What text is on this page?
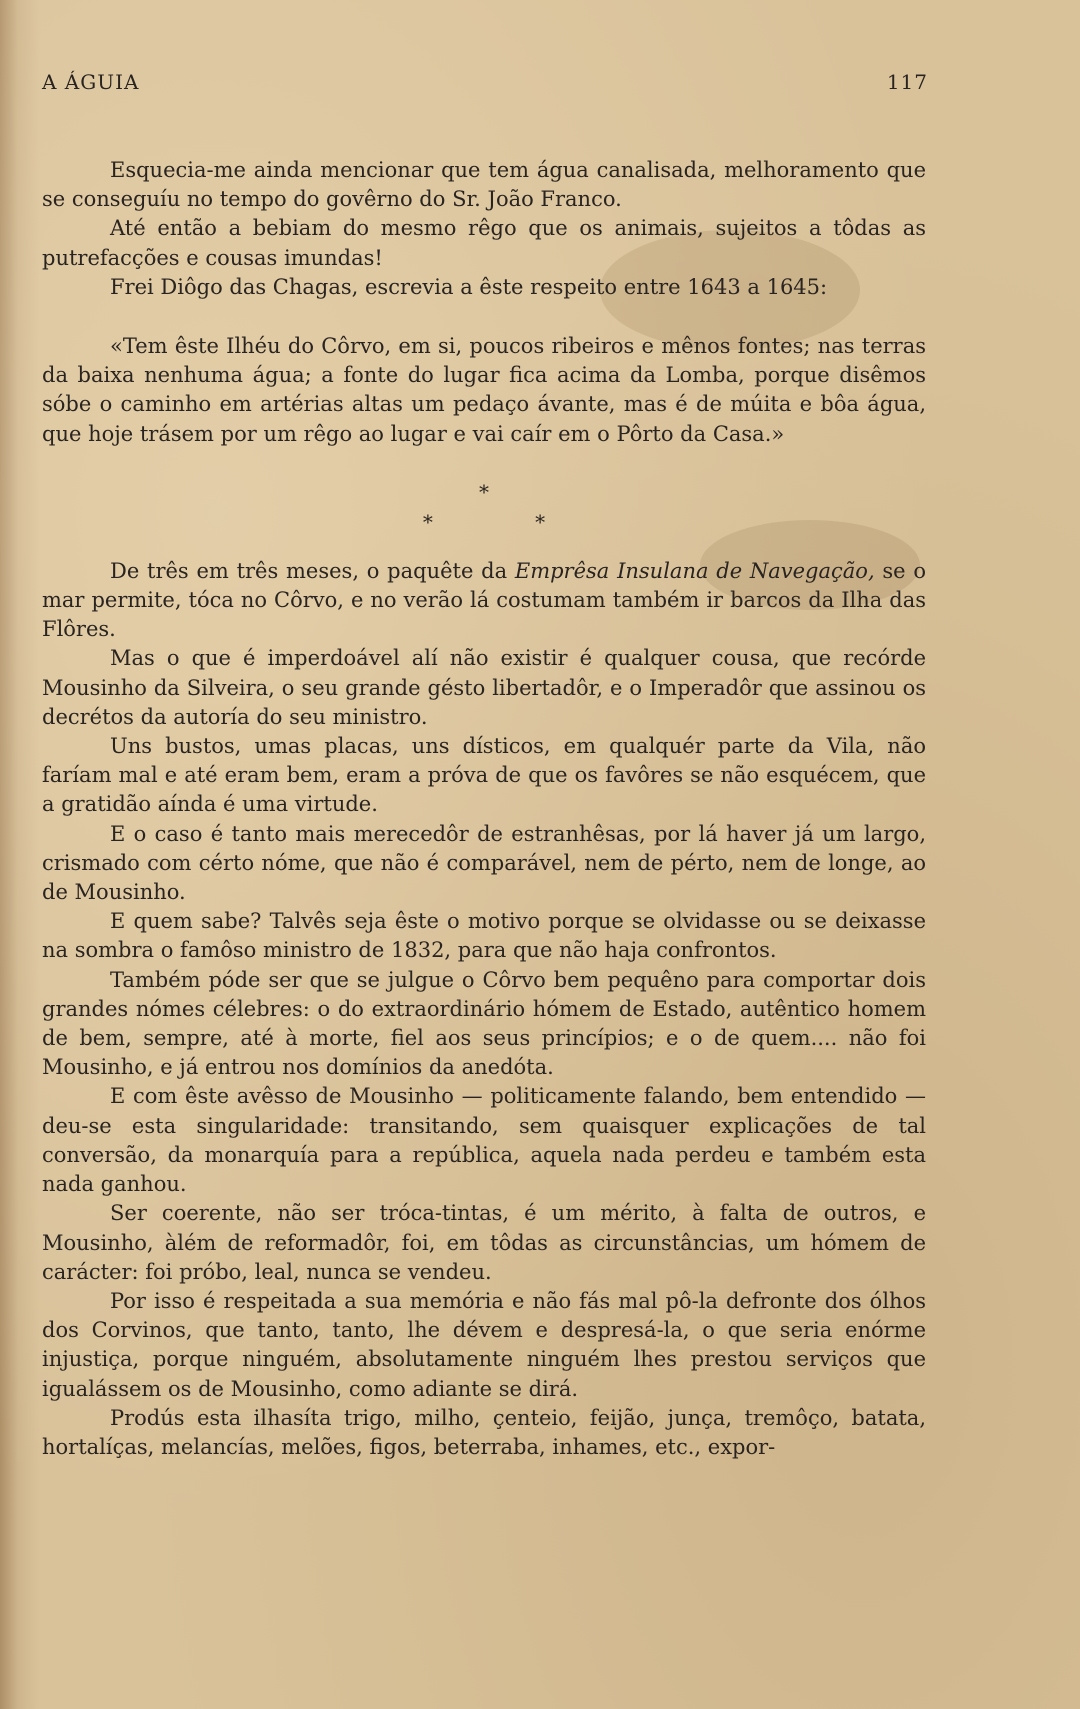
A ÁGUIA	117

Esquecia-me ainda mencionar que tem água canalisada, melhoramento que se conseguíu no tempo do govêrno do Sr. João Franco.

Até então a bebiam do mesmo rêgo que os animais, sujeitos a tôdas as putrefacções e cousas imundas!

Frei Diôgo das Chagas, escrevia a êste respeito entre 1643 a 1645:

«Tem êste Ilhéu do Côrvo, em si, poucos ribeiros e mênos fontes; nas terras da baixa nenhuma água; a fonte do lugar fica acima da Lomba, porque disêmos sóbe o caminho em artérias altas um pedaço ávante, mas é de múita e bôa água, que hoje trásem por um rêgo ao lugar e vai caír em o Pôrto da Casa.»

*
*	*

De três em três meses, o paquête da Emprêsa Insulana de Navegação, se o mar permite, tóca no Côrvo, e no verão lá costumam também ir barcos da Ilha das Flôres.

Mas o que é imperdoável alí não existir é qualquer cousa, que recórde Mousinho da Silveira, o seu grande gésto libertadôr, e o Imperadôr que assinou os decrétos da autoría do seu ministro.

Uns bustos, umas placas, uns dísticos, em qualquér parte da Vila, não faríam mal e até eram bem, eram a próva de que os favôres se não esquécem, que a gratidão aínda é uma virtude.

E o caso é tanto mais merecedôr de estranhêsas, por lá haver já um largo, crismado com cérto nóme, que não é comparável, nem de pérto, nem de longe, ao de Mousinho.

E quem sabe? Talvês seja êste o motivo porque se olvidasse ou se deixasse na sombra o famôso ministro de 1832, para que não haja confrontos.

Também póde ser que se julgue o Côrvo bem pequêno para comportar dois grandes nómes célebres: o do extraordinário hómem de Estado, autêntico homem de bem, sempre, até à morte, fiel aos seus princípios; e o de quem.... não foi Mousinho, e já entrou nos domínios da anedóta.

E com êste avêsso de Mousinho — politicamente falando, bem entendido — deu-se esta singularidade: transitando, sem quaisquer explicações de tal conversão, da monarquía para a república, aquela nada perdeu e também esta nada ganhou.

Ser coerente, não ser tróca-tintas, é um mérito, à falta de outros, e Mousinho, àlém de reformadôr, foi, em tôdas as circunstâncias, um hómem de carácter: foi próbo, leal, nunca se vendeu.

Por isso é respeitada a sua memória e não fás mal pô-la defronte dos ólhos dos Corvinos, que tanto, tanto, lhe dévem e despresá-la, o que seria enórme injustiça, porque ninguém, absolutamente ninguém lhes prestou serviços que igualássem os de Mousinho, como adiante se dirá.

Prodús esta ilhasíta trigo, milho, çenteio, feijão, junça, tremôço, batata, hortalíças, melancías, melões, figos, beterraba, inhames, etc., expor-
